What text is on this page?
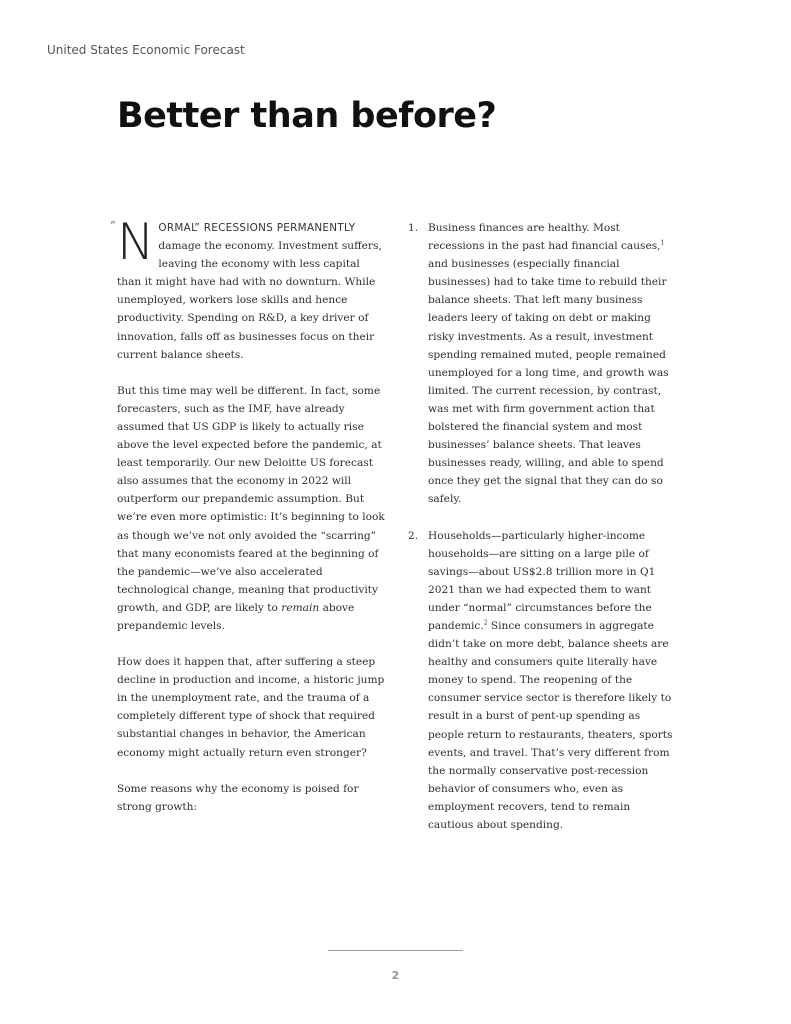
United States Economic Forecast
Better than before?

“ N ORMAL” RECESSIONS PERMANENTLY damage the economy. Investment suffers, leaving the economy with less capital than it might have had with no downturn. While unemployed, workers lose skills and hence productivity. Spending on R&D, a key driver of innovation, falls off as businesses focus on their current balance sheets.

But this time may well be different. In fact, some forecasters, such as the IMF, have already assumed that US GDP is likely to actually rise above the level expected before the pandemic, at least temporarily. Our new Deloitte US forecast also assumes that the economy in 2022 will outperform our prepandemic assumption. But we’re even more optimistic: It’s beginning to look as though we’ve not only avoided the “scarring” that many economists feared at the beginning of the pandemic—we’ve also accelerated technological change, meaning that productivity growth, and GDP, are likely to remain above prepandemic levels.

How does it happen that, after suffering a steep decline in production and income, a historic jump in the unemployment rate, and the trauma of a completely different type of shock that required substantial changes in behavior, the American economy might actually return even stronger?

Some reasons why the economy is poised for strong growth:

1. Business finances are healthy. Most recessions in the past had financial causes,$^1$ and businesses (especially financial businesses) had to take time to rebuild their balance sheets. That left many business leaders leery of taking on debt or making risky investments. As a result, investment spending remained muted, people remained unemployed for a long time, and growth was limited. The current recession, by contrast, was met with firm government action that bolstered the financial system and most businesses’ balance sheets. That leaves businesses ready, willing, and able to spend once they get the signal that they can do so safely.
2. Households—particularly higher-income households—are sitting on a large pile of savings—about US$2.8 trillion more in Q1 2021 than we had expected them to want under “normal” circumstances before the pandemic.$^2$ Since consumers in aggregate didn’t take on more debt, balance sheets are healthy and consumers quite literally have money to spend. The reopening of the consumer service sector is therefore likely to result in a burst of pent-up spending as people return to restaurants, theaters, sports events, and travel. That’s very different from the normally conservative post-recession behavior of consumers who, even as employment recovers, tend to remain cautious about spending.
2
